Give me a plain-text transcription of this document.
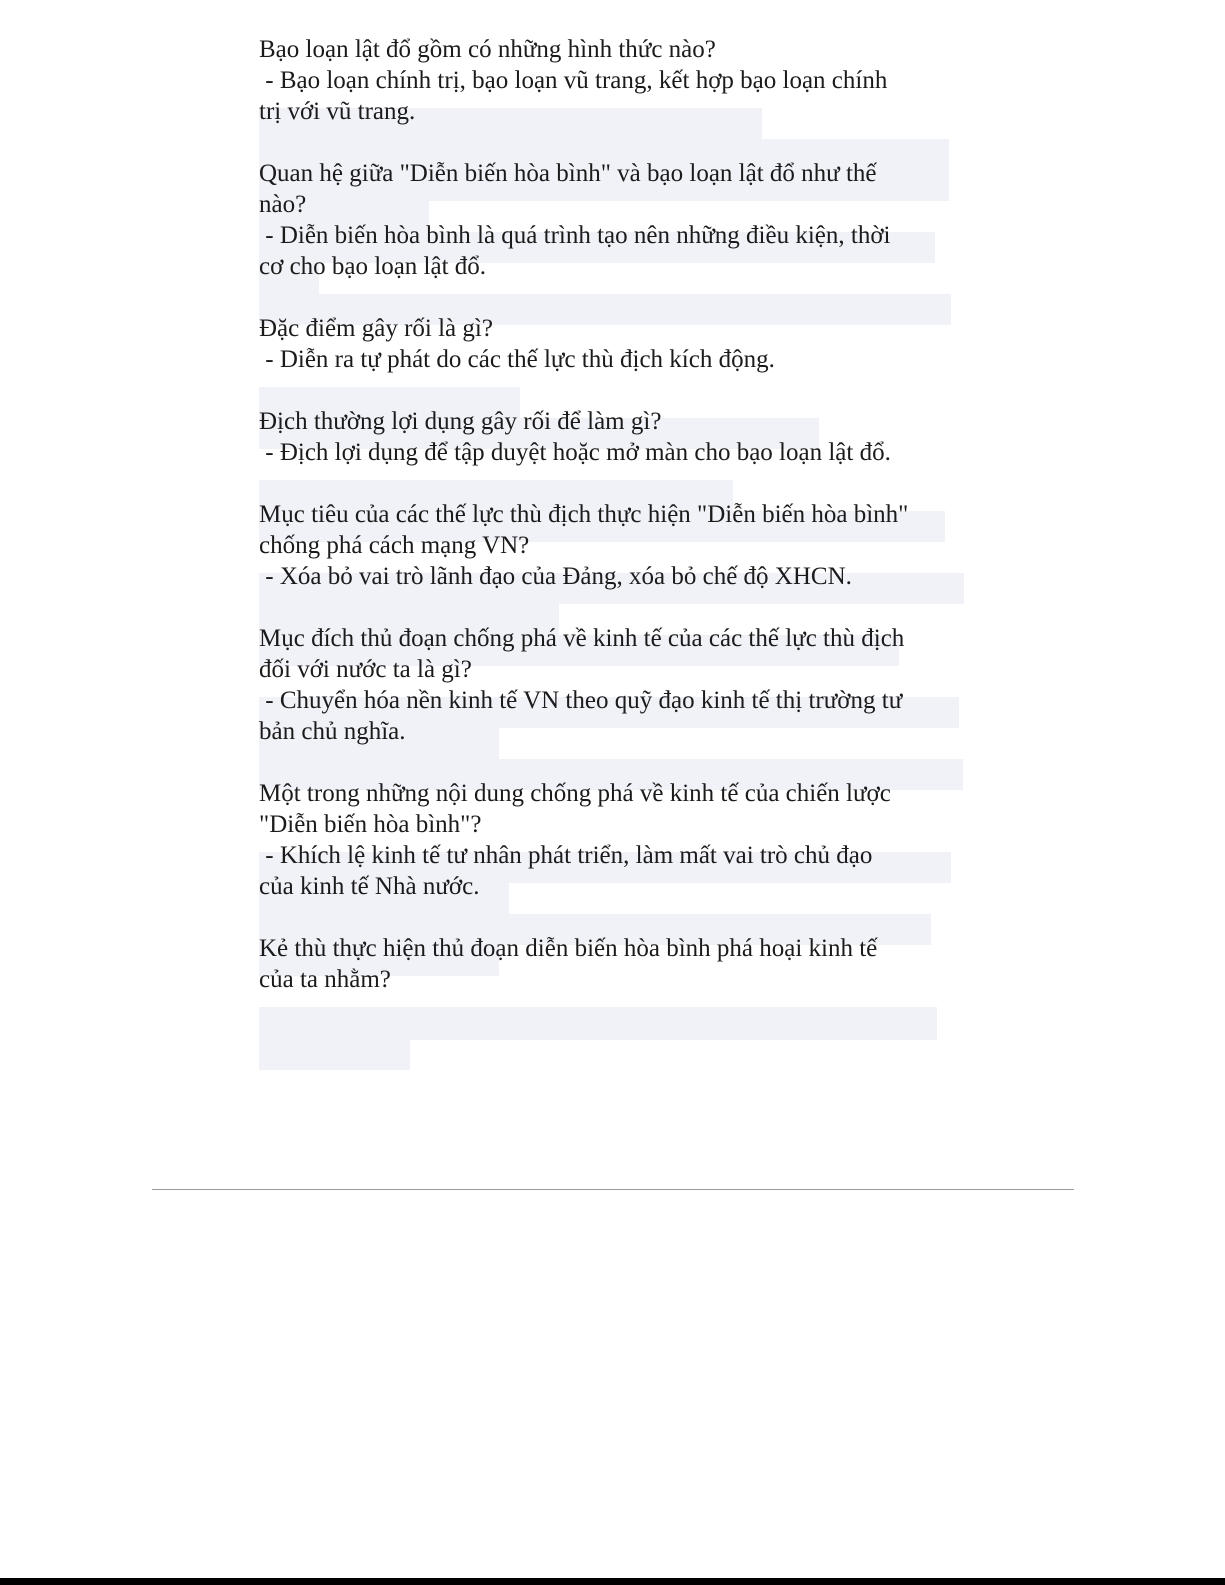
Bạo loạn lật đổ gồm có những hình thức nào?
- Bạo loạn chính trị, bạo loạn vũ trang, kết hợp bạo loạn chính
trị với vũ trang.
Quan hệ giữa "Diễn biến hòa bình" và bạo loạn lật đổ như thế
nào?
- Diễn biến hòa bình là quá trình tạo nên những điều kiện, thời
cơ cho bạo loạn lật đổ.
Đặc điểm gây rối là gì?
- Diễn ra tự phát do các thế lực thù địch kích động.
Địch thường lợi dụng gây rối để làm gì?
- Địch lợi dụng để tập duyệt hoặc mở màn cho bạo loạn lật đổ.
Mục tiêu của các thế lực thù địch thực hiện "Diễn biến hòa bình"
chống phá cách mạng VN?
- Xóa bỏ vai trò lãnh đạo của Đảng, xóa bỏ chế độ XHCN.
Mục đích thủ đoạn chống phá về kinh tế của các thế lực thù địch
đối với nước ta là gì?
- Chuyển hóa nền kinh tế VN theo quỹ đạo kinh tế thị trường tư
bản chủ nghĩa.
Một trong những nội dung chống phá về kinh tế của chiến lược
"Diễn biến hòa bình"?
- Khích lệ kinh tế tư nhân phát triển, làm mất vai trò chủ đạo
của kinh tế Nhà nước.
Kẻ thù thực hiện thủ đoạn diễn biến hòa bình phá hoại kinh tế
của ta nhằm?
